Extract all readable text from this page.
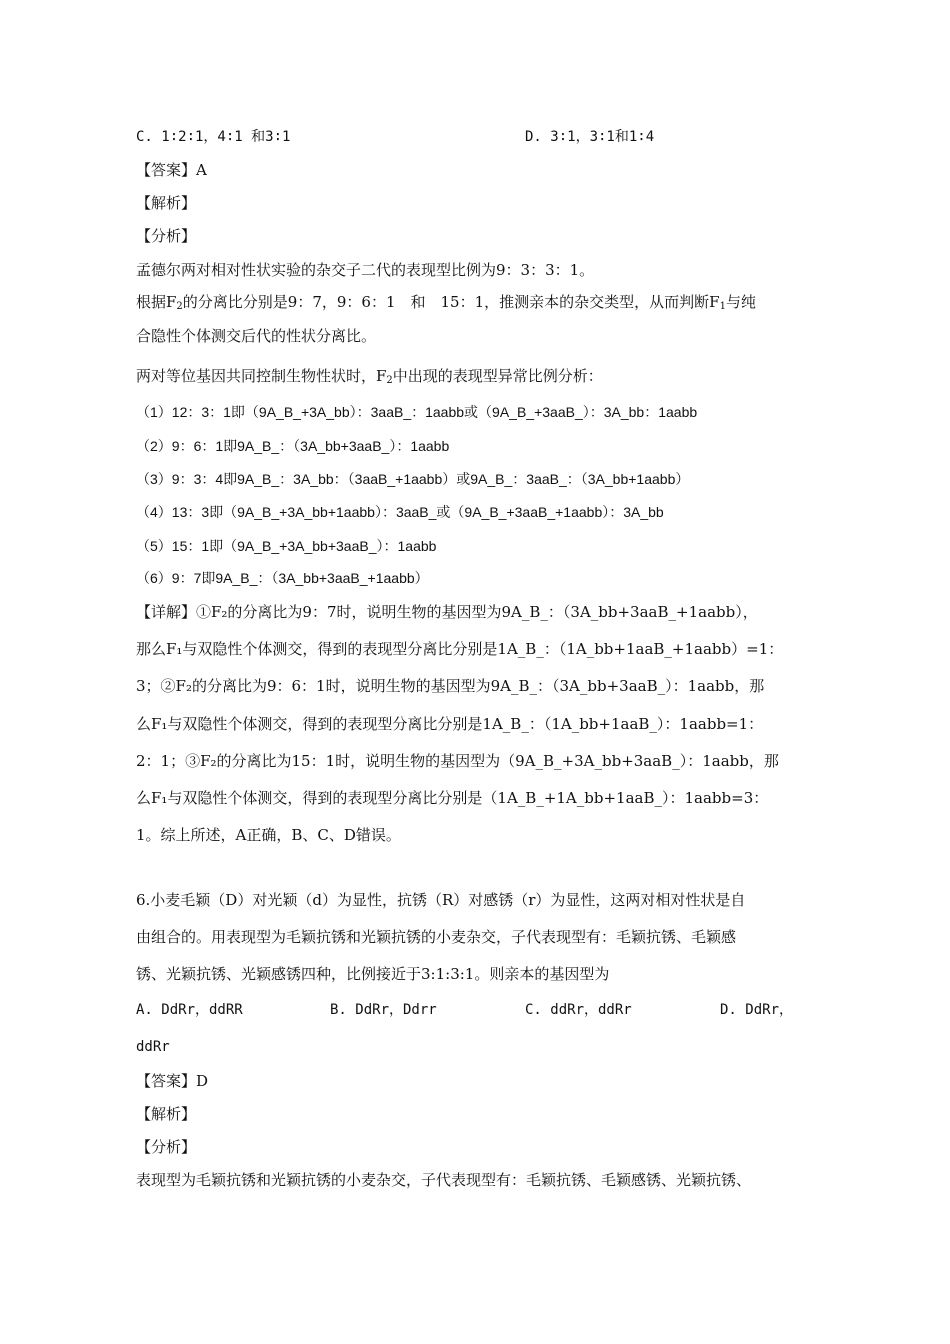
C. 1∶2∶1，4∶1 和3∶1	D. 3∶1，3∶1和1∶4
【答案】A
【解析】
【分析】
孟德尔两对相对性状实验的杂交子二代的表现型比例为9：3：3：1。
根据$F_2$的分离比分别是9：7，9：6：1　和　15：1，推测亲本的杂交类型，从而判断$F_1$与纯
合隐性个体测交后代的性状分离比。
两对等位基因共同控制生物性状时，$F_2$中出现的表现型异常比例分析：
（1）12：3：1即（9A_B_+3A_bb）：3aaB_：1aabb或（9A_B_+3aaB_）：3A_bb：1aabb
（2）9：6：1即9A_B_：（3A_bb+3aaB_）：1aabb
（3）9：3：4即9A_B_：3A_bb：（3aaB_+1aabb）或9A_B_：3aaB_：（3A_bb+1aabb）
（4）13：3即（9A_B_+3A_bb+1aabb）：3aaB_或（9A_B_+3aaB_+1aabb）：3A_bb
（5）15：1即（9A_B_+3A_bb+3aaB_）：1aabb
（6）9：7即9A_B_：（3A_bb+3aaB_+1aabb）
【详解】①F₂的分离比为9：7时，说明生物的基因型为9A_B_：（3A_bb+3aaB_+1aabb），
那么F₁与双隐性个体测交，得到的表现型分离比分别是1A_B_：（1A_bb+1aaB_+1aabb）=1：
3；②F₂的分离比为9：6：1时，说明生物的基因型为9A_B_：（3A_bb+3aaB_）：1aabb，那
么F₁与双隐性个体测交，得到的表现型分离比分别是1A_B_：（1A_bb+1aaB_）：1aabb=1：
2：1；③F₂的分离比为15：1时，说明生物的基因型为（9A_B_+3A_bb+3aaB_）：1aabb，那
么F₁与双隐性个体测交，得到的表现型分离比分别是（1A_B_+1A_bb+1aaB_）：1aabb=3：
1。综上所述，A正确，B、C、D错误。
6.小麦毛颖（D）对光颖（d）为显性，抗锈（R）对感锈（r）为显性，这两对相对性状是自
由组合的。用表现型为毛颖抗锈和光颖抗锈的小麦杂交，子代表现型有：毛颖抗锈、毛颖感
锈、光颖抗锈、光颖感锈四种，比例接近于3:1:3:1。则亲本的基因型为
A. DdRr，ddRR	B. DdRr，Ddrr	C. ddRr，ddRr	D. DdRr，
ddRr
【答案】D
【解析】
【分析】
表现型为毛颖抗锈和光颖抗锈的小麦杂交，子代表现型有：毛颖抗锈、毛颖感锈、光颖抗锈、
